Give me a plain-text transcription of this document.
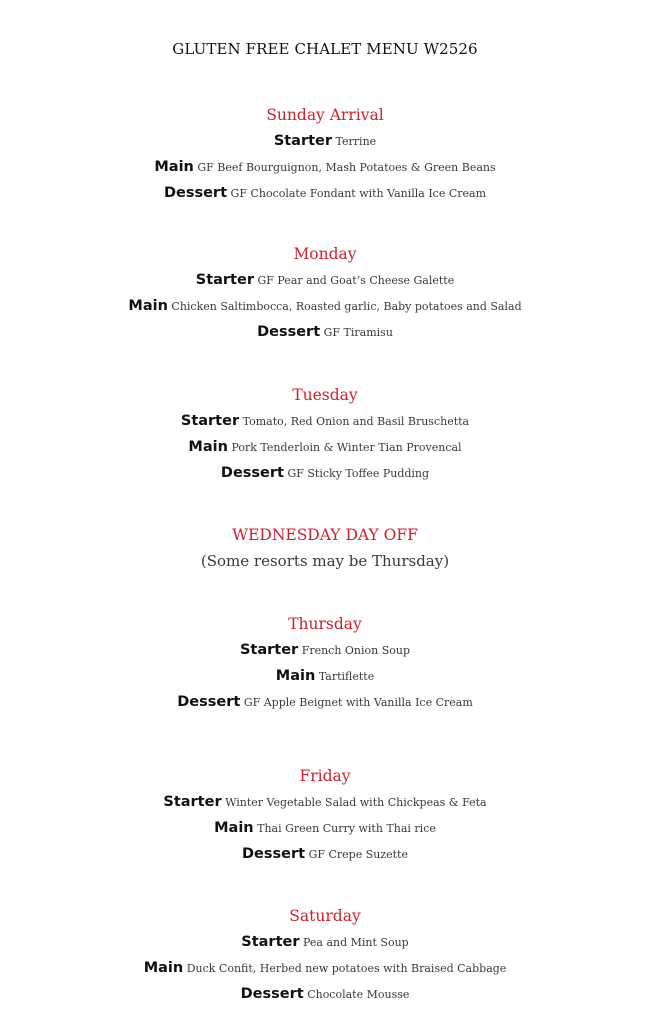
GLUTEN FREE CHALET MENU W2526
Sunday Arrival
Starter Terrine
Main GF Beef Bourguignon, Mash Potatoes & Green Beans
Dessert GF Chocolate Fondant with Vanilla Ice Cream
Monday
Starter GF Pear and Goat’s Cheese Galette
Main Chicken Saltimbocca, Roasted garlic, Baby potatoes and Salad
Dessert GF Tiramisu
Tuesday
Starter Tomato, Red Onion and Basil Bruschetta
Main Pork Tenderloin & Winter Tian Provencal
Dessert GF Sticky Toffee Pudding
WEDNESDAY DAY OFF
(Some resorts may be Thursday)
Thursday
Starter French Onion Soup
Main Tartiflette
Dessert GF Apple Beignet with Vanilla Ice Cream
Friday
Starter Winter Vegetable Salad with Chickpeas & Feta
Main Thai Green Curry with Thai rice
Dessert GF Crepe Suzette
Saturday
Starter Pea and Mint Soup
Main Duck Confit, Herbed new potatoes with Braised Cabbage
Dessert Chocolate Mousse
